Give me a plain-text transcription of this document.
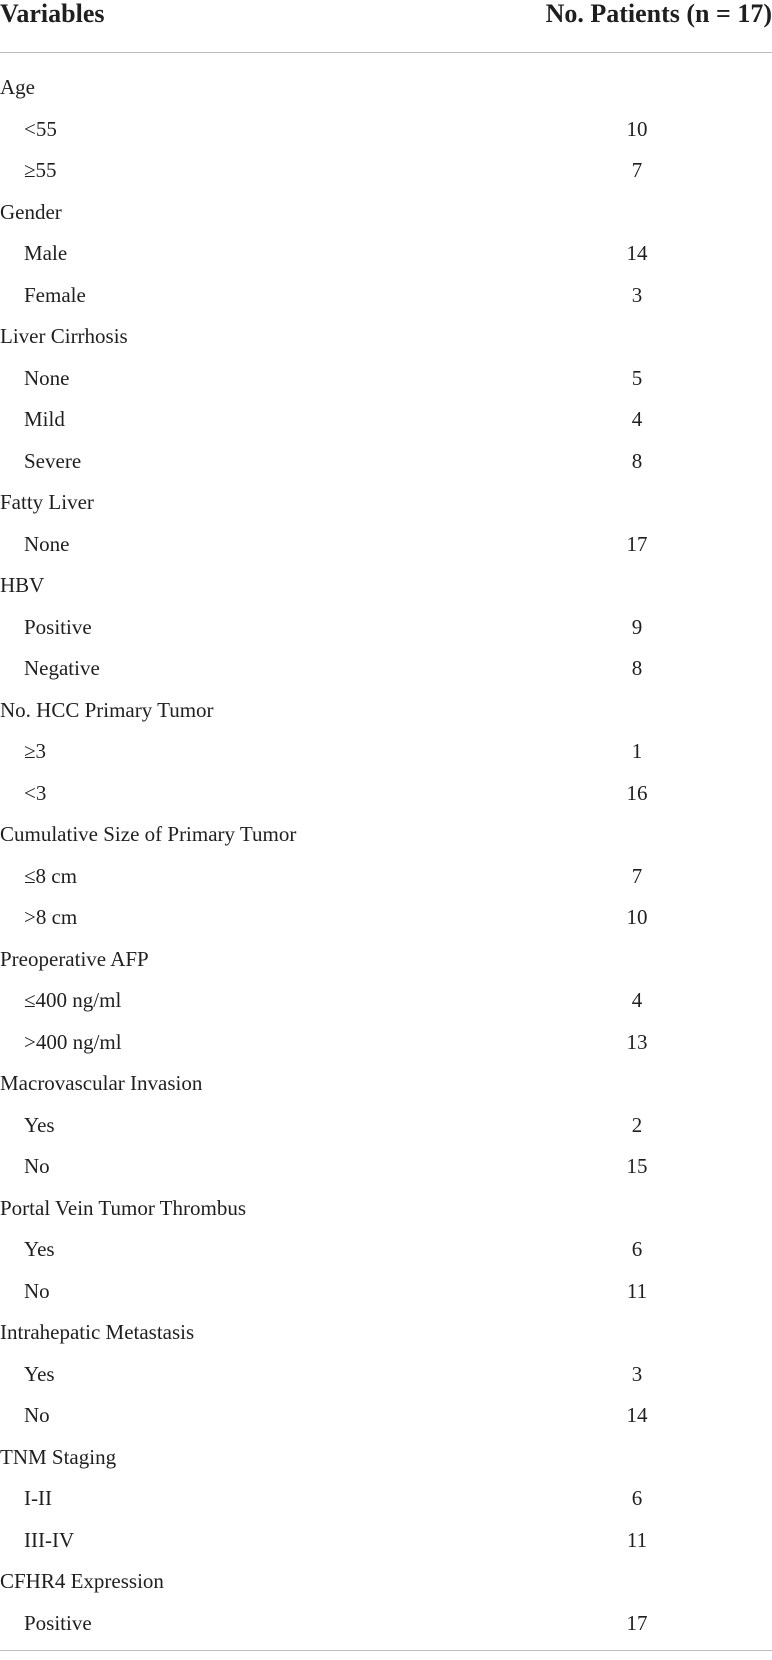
Variables	No. Patients (n = 17)
Age
<55	10
≥55	7
Gender
Male	14
Female	3
Liver Cirrhosis
None	5
Mild	4
Severe	8
Fatty Liver
None	17
HBV
Positive	9
Negative	8
No. HCC Primary Tumor
≥3	1
<3	16
Cumulative Size of Primary Tumor
≤8 cm	7
>8 cm	10
Preoperative AFP
≤400 ng/ml	4
>400 ng/ml	13
Macrovascular Invasion
Yes	2
No	15
Portal Vein Tumor Thrombus
Yes	6
No	11
Intrahepatic Metastasis
Yes	3
No	14
TNM Staging
I-II	6
III-IV	11
CFHR4 Expression
Positive	17
